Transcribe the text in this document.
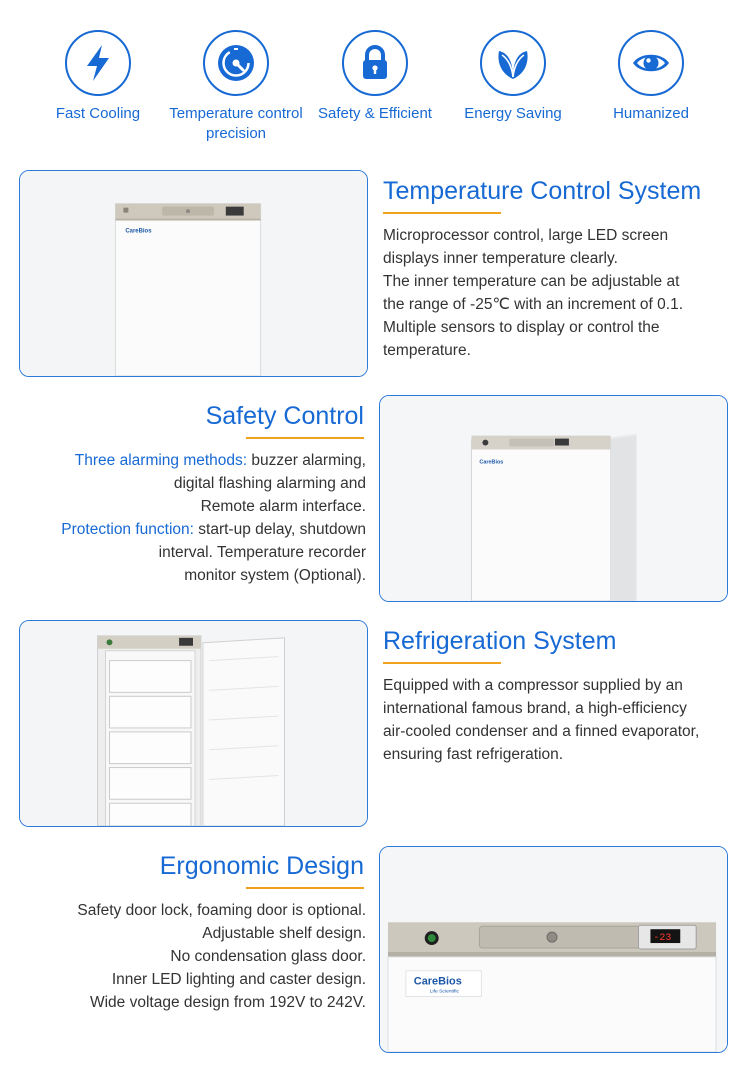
Fast Cooling	Temperature control precision
Safety & Efficient	Energy Saving	Humanized
CareBios
Temperature Control System
Microprocessor control, large LED screen
displays inner temperature clearly.
The inner temperature can be adjustable at
the range of -25℃ with an increment of 0.1.
Multiple sensors to display or control the
temperature.
Safety Control
Three alarming methods: buzzer alarming,
digital flashing alarming and
Remote alarm interface.
Protection function: start-up delay, shutdown
interval. Temperature recorder
monitor system (Optional).
CareBios
Refrigeration System
Equipped with a compressor supplied by an
international famous brand, a high-efficiency
air-cooled condenser and a finned evaporator,
ensuring fast refrigeration.
Ergonomic Design
Safety door lock, foaming door is optional.
Adjustable shelf design.
No condensation glass door.
Inner LED lighting and caster design.
Wide voltage design from 192V to 242V.
-23
CareBios
Life Scientific
